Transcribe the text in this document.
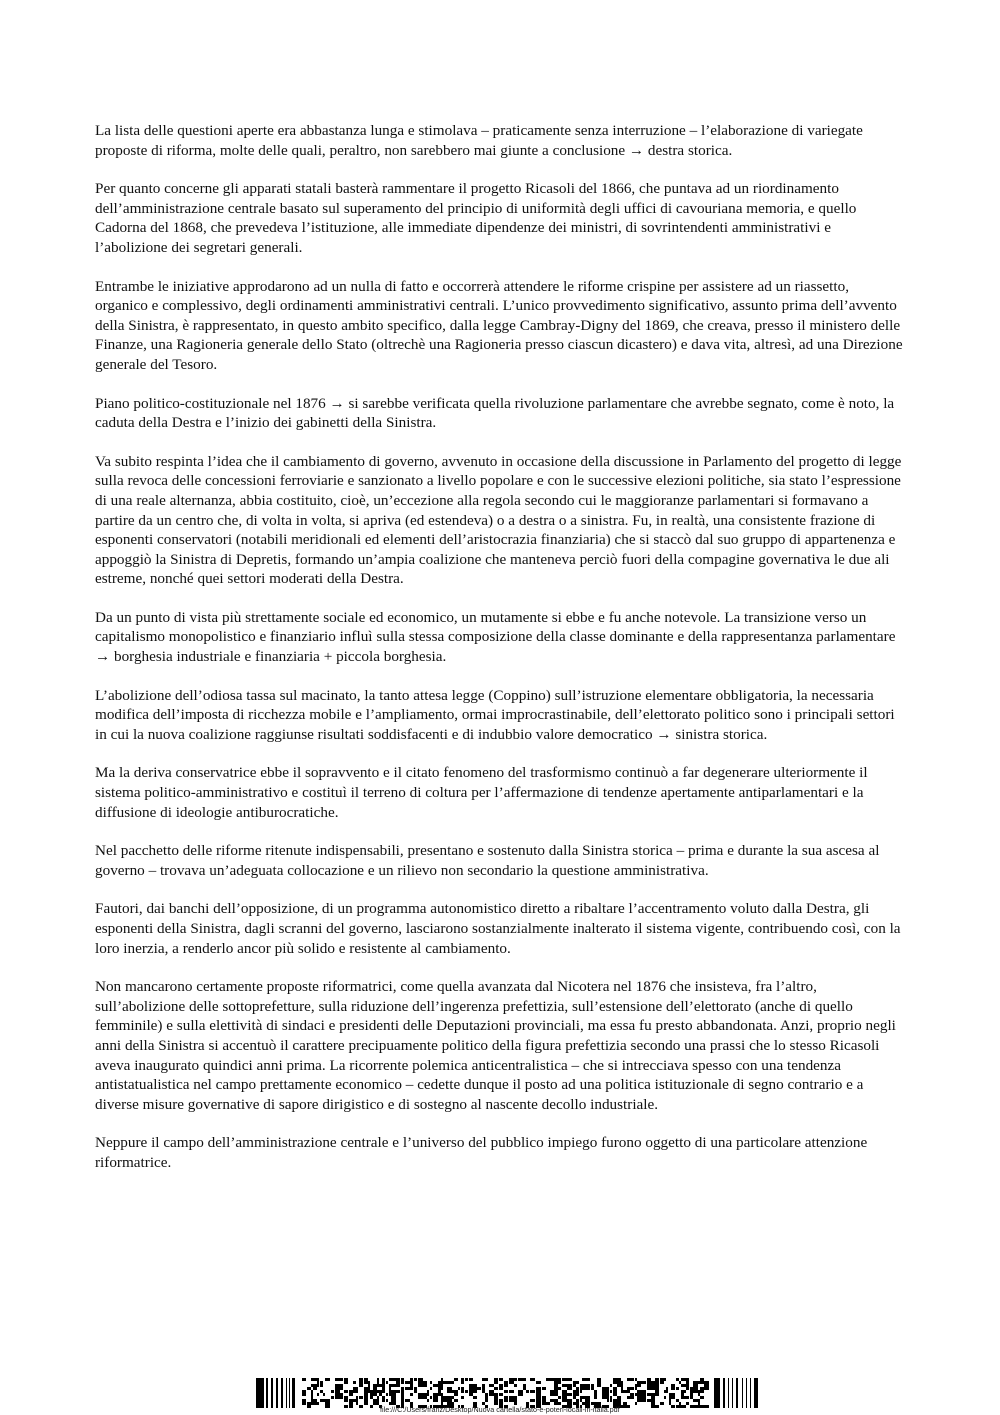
La lista delle questioni aperte era abbastanza lunga e stimolava – praticamente senza interruzione – l’elaborazione di variegate proposte di riforma, molte delle quali, peraltro, non sarebbero mai giunte a conclusione → destra storica.

Per quanto concerne gli apparati statali basterà rammentare il progetto Ricasoli del 1866, che puntava ad un riordinamento dell’amministrazione centrale basato sul superamento del principio di uniformità degli uffici di cavouriana memoria, e quello Cadorna del 1868, che prevedeva l’istituzione, alle immediate dipendenze dei ministri, di sovrintendenti amministrativi e l’abolizione dei segretari generali.

Entrambe le iniziative approdarono ad un nulla di fatto e occorrerà attendere le riforme crispine per assistere ad un riassetto, organico e complessivo, degli ordinamenti amministrativi centrali. L’unico provvedimento significativo, assunto prima dell’avvento della Sinistra, è rappresentato, in questo ambito specifico, dalla legge Cambray-Digny del 1869, che creava, presso il ministero delle Finanze, una Ragioneria generale dello Stato (oltrechè una Ragioneria presso ciascun dicastero) e dava vita, altresì, ad una Direzione generale del Tesoro.

Piano politico-costituzionale nel 1876 → si sarebbe verificata quella rivoluzione parlamentare che avrebbe segnato, come è noto, la caduta della Destra e l’inizio dei gabinetti della Sinistra.

Va subito respinta l’idea che il cambiamento di governo, avvenuto in occasione della discussione in Parlamento del progetto di legge sulla revoca delle concessioni ferroviarie e sanzionato a livello popolare e con le successive elezioni politiche, sia stato l’espressione di una reale alternanza, abbia costituito, cioè, un’eccezione alla regola secondo cui le maggioranze parlamentari si formavano a partire da un centro che, di volta in volta, si apriva (ed estendeva) o a destra o a sinistra. Fu, in realtà, una consistente frazione di esponenti conservatori (notabili meridionali ed elementi dell’aristocrazia finanziaria) che si staccò dal suo gruppo di appartenenza e appoggiò la Sinistra di Depretis, formando un’ampia coalizione che manteneva perciò fuori della compagine governativa le due ali estreme, nonché quei settori moderati della Destra.

Da un punto di vista più strettamente sociale ed economico, un mutamente si ebbe e fu anche notevole. La transizione verso un capitalismo monopolistico e finanziario influì sulla stessa composizione della classe dominante e della rappresentanza parlamentare → borghesia industriale e finanziaria + piccola borghesia.

L’abolizione dell’odiosa tassa sul macinato, la tanto attesa legge (Coppino) sull’istruzione elementare obbligatoria, la necessaria modifica dell’imposta di ricchezza mobile e l’ampliamento, ormai improcrastinabile, dell’elettorato politico sono i principali settori in cui la nuova coalizione raggiunse risultati soddisfacenti e di indubbio valore democratico → sinistra storica.

Ma la deriva conservatrice ebbe il sopravvento e il citato fenomeno del trasformismo continuò a far degenerare ulteriormente il sistema politico-amministrativo e costituì il terreno di coltura per l’affermazione di tendenze apertamente antiparlamentari e la diffusione di ideologie antiburocratiche.

Nel pacchetto delle riforme ritenute indispensabili, presentano e sostenuto dalla Sinistra storica – prima e durante la sua ascesa al governo – trovava un’adeguata collocazione e un rilievo non secondario la questione amministrativa.

Fautori, dai banchi dell’opposizione, di un programma autonomistico diretto a ribaltare l’accentramento voluto dalla Destra, gli esponenti della Sinistra, dagli scranni del governo, lasciarono sostanzialmente inalterato il sistema vigente, contribuendo così, con la loro inerzia, a renderlo ancor più solido e resistente al cambiamento.

Non mancarono certamente proposte riformatrici, come quella avanzata dal Nicotera nel 1876 che insisteva, fra l’altro, sull’abolizione delle sottoprefetture, sulla riduzione dell’ingerenza prefettizia, sull’estensione dell’elettorato (anche di quello femminile) e sulla elettività di sindaci e presidenti delle Deputazioni provinciali, ma essa fu presto abbandonata. Anzi, proprio negli anni della Sinistra si accentuò il carattere precipuamente politico della figura prefettizia secondo una prassi che lo stesso Ricasoli aveva inaugurato quindici anni prima. La ricorrente polemica anticentralistica – che si intrecciava spesso con una tendenza antistatualistica nel campo prettamente economico – cedette dunque il posto ad una politica istituzionale di segno contrario e a diverse misure governative di sapore dirigistico e di sostegno al nascente decollo industriale.

Neppure il campo dell’amministrazione centrale e l’universo del pubblico impiego furono oggetto di una particolare attenzione riformatrice.

file:///C:/Users/franz/Desktop/Nuova cartella/stato-e-poteri-locali-in-italia.pdf
